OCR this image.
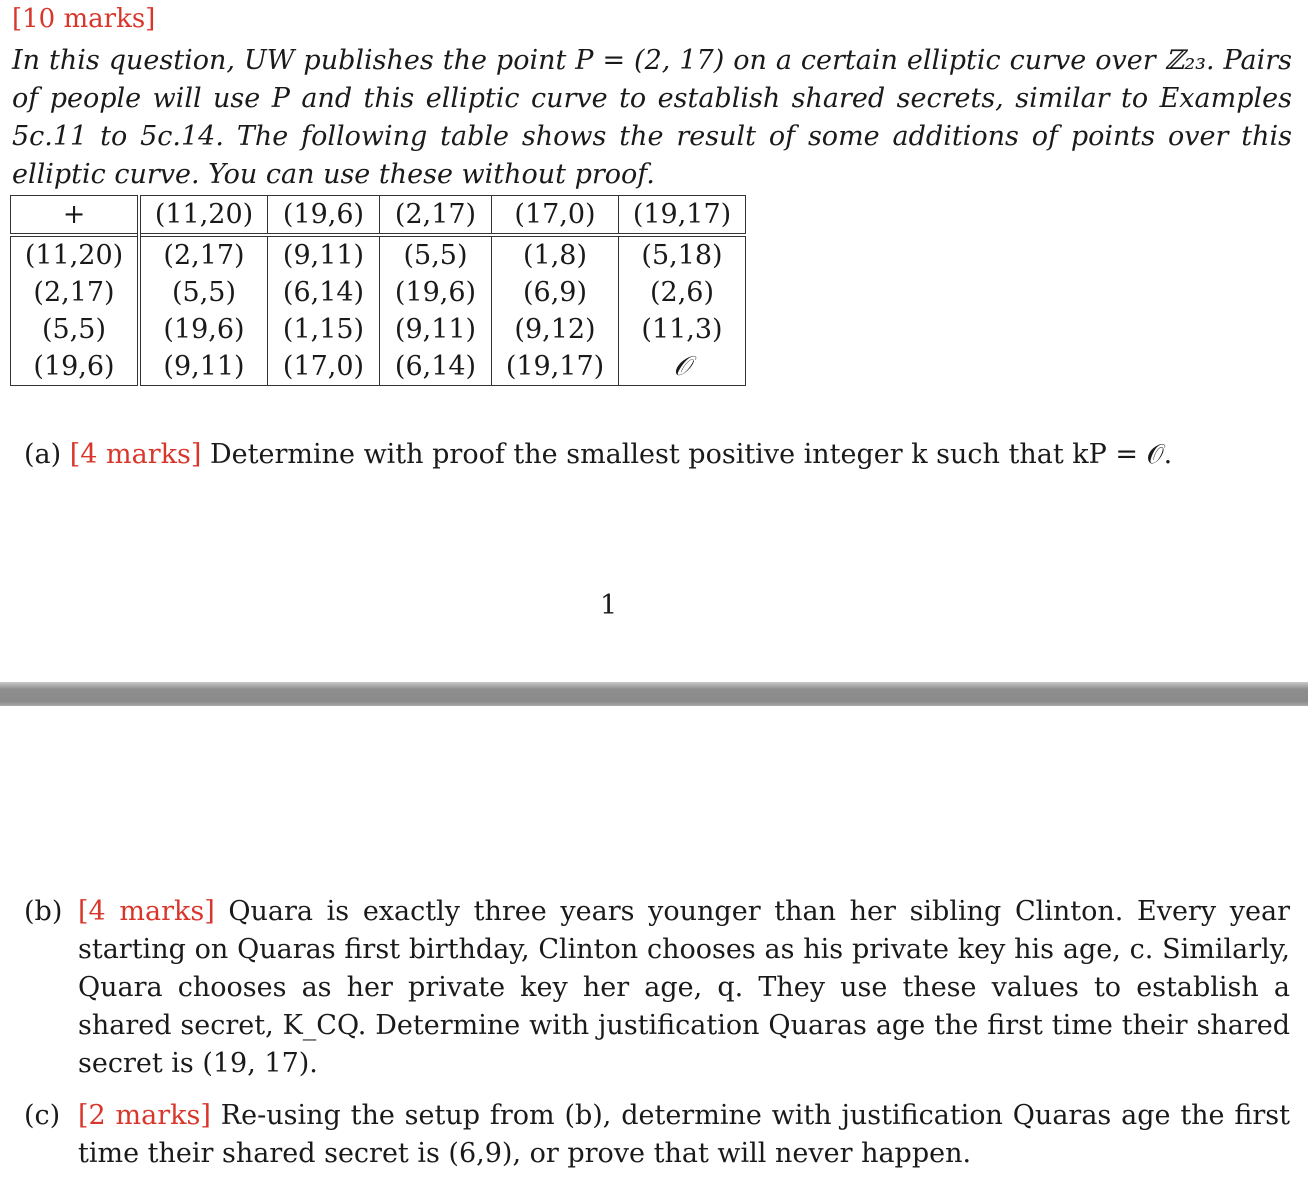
[10 marks]
In this question, UW publishes the point P = (2, 17) on a certain elliptic curve over ℤ₂₃. Pairs of people will use P and this elliptic curve to establish shared secrets, similar to Examples 5c.11 to 5c.14. The following table shows the result of some additions of points over this elliptic curve. You can use these without proof.
+	(11,20)	(19,6)	(2,17)	(17,0)	(19,17)
(11,20)	(2,17)	(9,11)	(5,5)	(1,8)	(5,18)
(2,17)	(5,5)	(6,14)	(19,6)	(6,9)	(2,6)
(5,5)	(19,6)	(1,15)	(9,11)	(9,12)	(11,3)
(19,6)	(9,11)	(17,0)	(6,14)	(19,17)	𝒪
(a) [4 marks] Determine with proof the smallest positive integer k such that kP = 𝒪.
1
(b) [4 marks] Quara is exactly three years younger than her sibling Clinton. Every year starting on Quaras first birthday, Clinton chooses as his private key his age, c. Similarly, Quara chooses as her private key her age, q. They use these values to establish a shared secret, K_CQ. Determine with justification Quaras age the first time their shared secret is (19, 17).
(c) [2 marks] Re-using the setup from (b), determine with justification Quaras age the first time their shared secret is (6,9), or prove that will never happen.
